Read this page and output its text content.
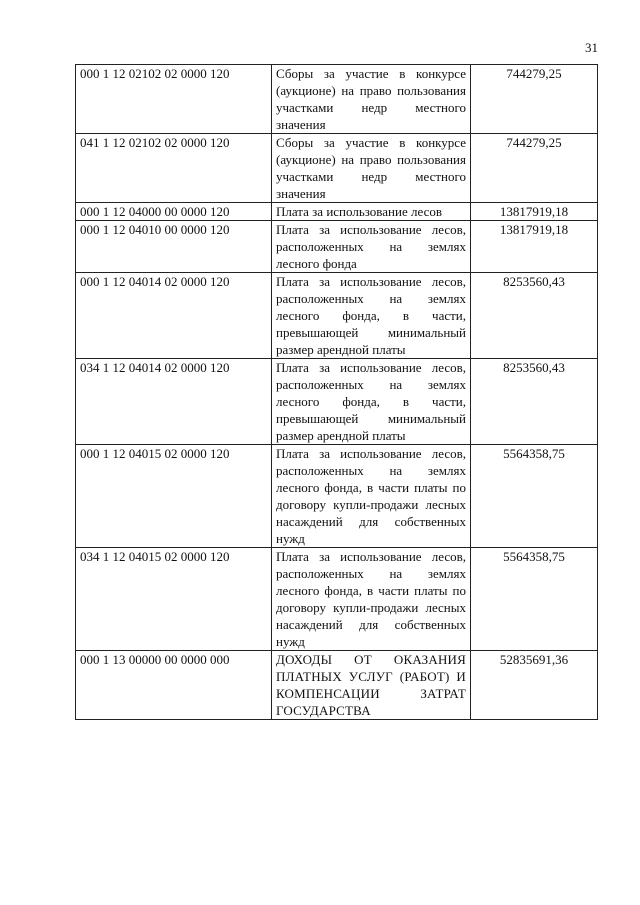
31
000 1 12 02102 02 0000 120	Сборы за участие в конкурсе (аукционе) на право пользования участками недр местного значения	744279,25
041 1 12 02102 02 0000 120	Сборы за участие в конкурсе (аукционе) на право пользования участками недр местного значения	744279,25
000 1 12 04000 00 0000 120	Плата за использование лесов	13817919,18
000 1 12 04010 00 0000 120	Плата за использование лесов, расположенных на землях лесного фонда	13817919,18
000 1 12 04014 02 0000 120	Плата за использование лесов, расположенных на землях лесного фонда, в части, превышающей минимальный размер арендной платы	8253560,43
034 1 12 04014 02 0000 120	Плата за использование лесов, расположенных на землях лесного фонда, в части, превышающей минимальный размер арендной платы	8253560,43
000 1 12 04015 02 0000 120	Плата за использование лесов, расположенных на землях лесного фонда, в части платы по договору купли-продажи лесных насаждений для собственных нужд	5564358,75
034 1 12 04015 02 0000 120	Плата за использование лесов, расположенных на землях лесного фонда, в части платы по договору купли-продажи лесных насаждений для собственных нужд	5564358,75
000 1 13 00000 00 0000 000	ДОХОДЫ ОТ ОКАЗАНИЯ ПЛАТНЫХ УСЛУГ (РАБОТ) И КОМПЕНСАЦИИ ЗАТРАТ ГОСУДАРСТВА	52835691,36
